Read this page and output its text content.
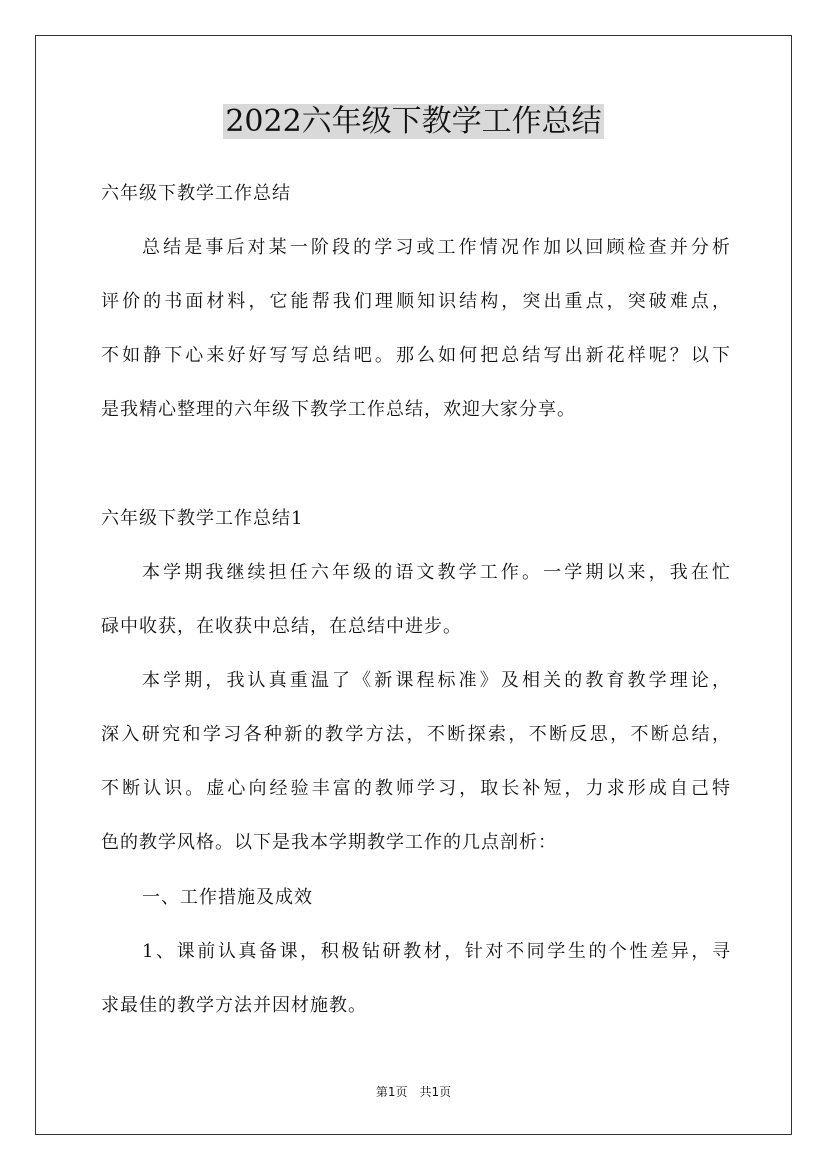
2022六年级下教学工作总结
六年级下教学工作总结
总结是事后对某一阶段的学习或工作情况作加以回顾检查并分析
评价的书面材料，它能帮我们理顺知识结构，突出重点，突破难点，
不如静下心来好好写写总结吧。那么如何把总结写出新花样呢？以下
是我精心整理的六年级下教学工作总结，欢迎大家分享。
六年级下教学工作总结1
本学期我继续担任六年级的语文教学工作。一学期以来，我在忙
碌中收获，在收获中总结，在总结中进步。
本学期，我认真重温了《新课程标准》及相关的教育教学理论，
深入研究和学习各种新的教学方法，不断探索，不断反思，不断总结，
不断认识。虚心向经验丰富的教师学习，取长补短，力求形成自己特
色的教学风格。以下是我本学期教学工作的几点剖析：
一、工作措施及成效
1、课前认真备课，积极钻研教材，针对不同学生的个性差异，寻
求最佳的教学方法并因材施教。
第1页　共1页
